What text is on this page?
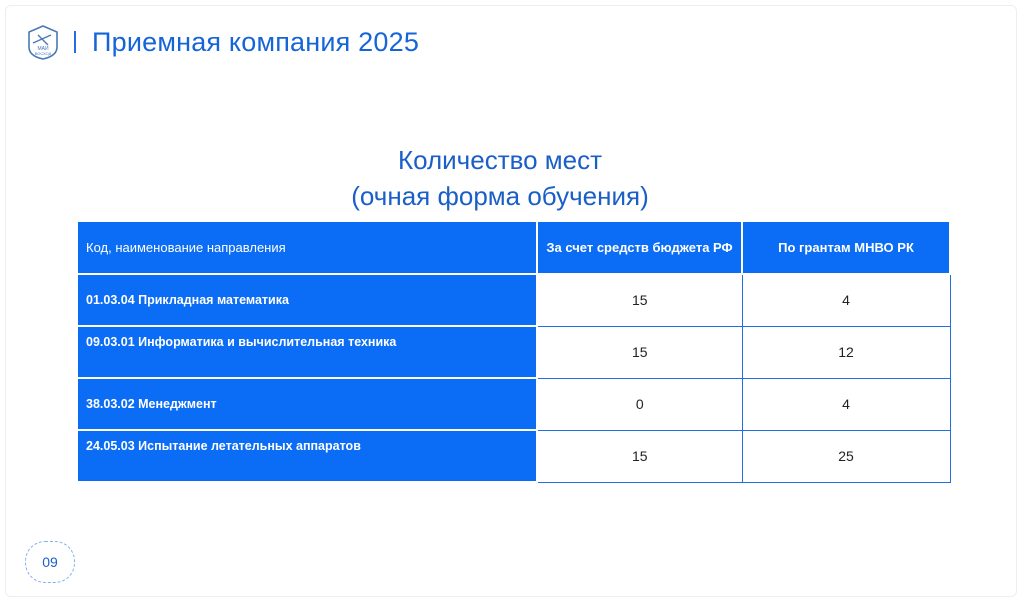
МАИ
ВОСХОД Приемная компания 2025
Количество мест
(очная форма обучения)
Код, наименование направления	За счет средств бюджета РФ	По грантам МНВО РК
01.03.04 Прикладная математика	15	4
09.03.01 Информатика и вычислительная техника	15	12
38.03.02 Менеджмент	0	4
24.05.03 Испытание летательных аппаратов	15	25
09
